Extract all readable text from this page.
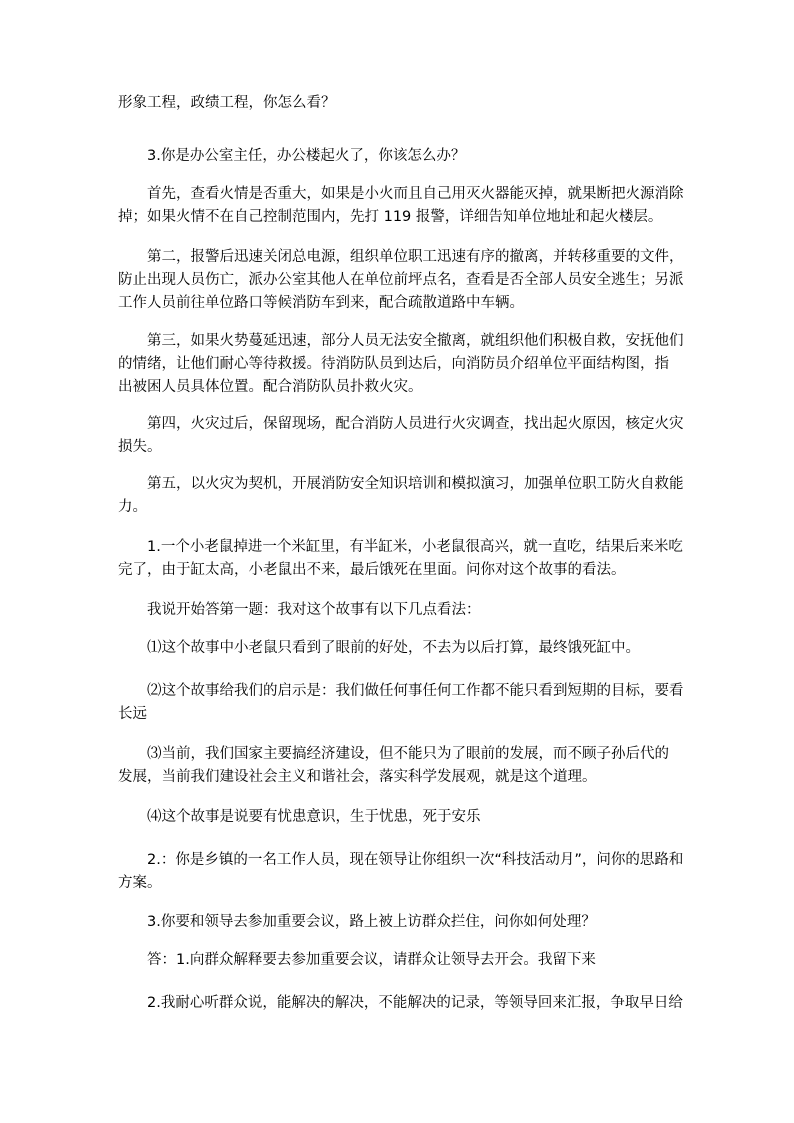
形象工程，政绩工程，你怎么看？

　　3.你是办公室主任，办公楼起火了，你该怎么办？

　　首先，查看火情是否重大，如果是小火而且自己用灭火器能灭掉，就果断把火源消除
掉；如果火情不在自己控制范围内，先打 119 报警，详细告知单位地址和起火楼层。

　　第二，报警后迅速关闭总电源，组织单位职工迅速有序的撤离，并转移重要的文件，
防止出现人员伤亡，派办公室其他人在单位前坪点名，查看是否全部人员安全逃生；另派
工作人员前往单位路口等候消防车到来，配合疏散道路中车辆。

　　第三，如果火势蔓延迅速，部分人员无法安全撤离，就组织他们积极自救，安抚他们
的情绪，让他们耐心等待救援。待消防队员到达后，向消防员介绍单位平面结构图，指
出被困人员具体位置。配合消防队员扑救火灾。

　　第四，火灾过后，保留现场，配合消防人员进行火灾调查，找出起火原因，核定火灾
损失。

　　第五，以火灾为契机，开展消防安全知识培训和模拟演习，加强单位职工防火自救能
力。

　　1.一个小老鼠掉进一个米缸里，有半缸米，小老鼠很高兴，就一直吃，结果后来米吃
完了，由于缸太高，小老鼠出不来，最后饿死在里面。问你对这个故事的看法。

　　我说开始答第一题：我对这个故事有以下几点看法：

　　⑴这个故事中小老鼠只看到了眼前的好处，不去为以后打算，最终饿死缸中。

　　⑵这个故事给我们的启示是：我们做任何事任何工作都不能只看到短期的目标，要看
长远

　　⑶当前，我们国家主要搞经济建设，但不能只为了眼前的发展，而不顾子孙后代的
发展，当前我们建设社会主义和谐社会，落实科学发展观，就是这个道理。

　　⑷这个故事是说要有忧患意识，生于忧患，死于安乐

　　2.：你是乡镇的一名工作人员，现在领导让你组织一次“科技活动月”，问你的思路和
方案。

　　3.你要和领导去参加重要会议，路上被上访群众拦住，问你如何处理？

　　答：1.向群众解释要去参加重要会议，请群众让领导去开会。我留下来

　　2.我耐心听群众说，能解决的解决，不能解决的记录，等领导回来汇报，争取早日给
